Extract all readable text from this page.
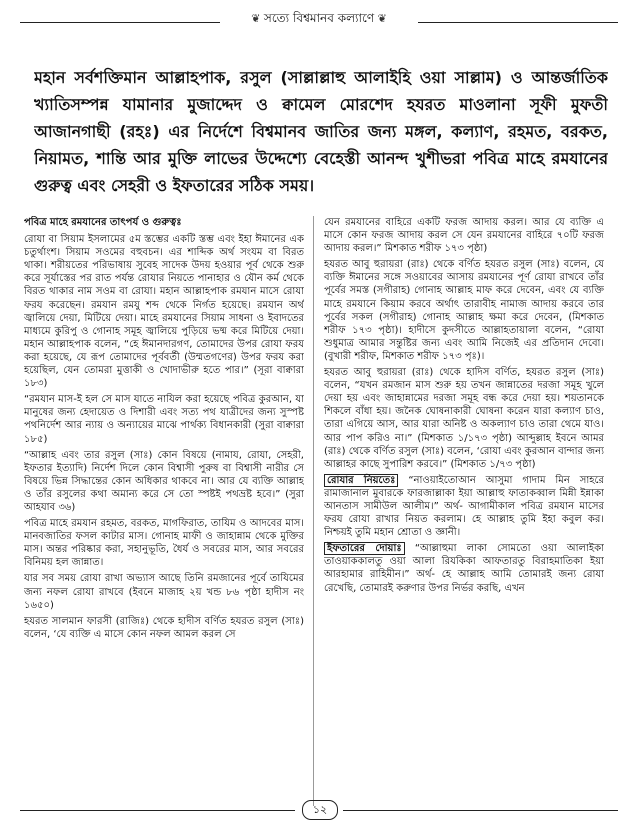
❦ সত্যে বিশ্বমানব কল্যাণে ❦

মহান সর্বশক্তিমান আল্লাহপাক, রসুল (সাল্লাল্লাহু আলাইহি ওয়া সাল্লাম) ও আন্তর্জাতিক খ্যাতিসম্পন্ন যামানার মুজাদ্দেদ ও ক্বামেল মোরশেদ হযরত মাওলানা সূফী মুফতী আজানগাছী (রহঃ) এর নির্দেশে বিশ্বমানব জাতির জন্য মঙ্গল, কল্যাণ, রহমত, বরকত, নিয়ামত, শান্তি আর মুক্তি লাভের উদ্দেশ্যে বেহেস্তী আনন্দ খুশীভরা পবিত্র মাহে রমযানের গুরুত্ব এবং সেহরী ও ইফতারের সঠিক সময়।

পবিত্র মাহে রমযানের তাৎপর্য ও গুরুত্বঃ

রোযা বা সিয়াম ইসলামের ৫ম স্তম্ভের একটি স্তম্ভ এবং ইহা ঈমানের এক চতুর্থাংশ। সিয়াম সওমের বহুবচন। এর শাব্দিক অর্থ সংযম বা বিরত থাকা। শরীয়তের পরিভাষায় সুবেহ সাদেক উদয় হওয়ার পূর্ব থেকে শুরু করে সূর্যাস্তের পর রাত পর্যন্ত রোযার নিয়তে পানাহার ও যৌন কর্ম থেকে বিরত থাকার নাম সওম বা রোযা। মহান আল্লাহপাক রমযান মাসে রোযা ফরয করেছেন। রমযান রমযু শব্দ থেকে নির্গত হয়েছে। রমযান অর্থ জ্বালিয়ে দেয়া, মিটিয়ে দেয়া। মাহে রমযানের সিয়াম সাধনা ও ইবাদতের মাধ্যমে কুরিপু ও গোনাহ সমূহ জ্বালিয়ে পুড়িয়ে ভষ্ম করে মিটিয়ে দেয়া। মহান আল্লাহপাক বলেন, “হে ঈমানদারগণ, তোমাদের উপর রোযা ফরয করা হয়েছে, যে রূপ তোমাদের পূর্ববর্তী (উম্মতগণের) উপর ফরয করা হয়েছিল, যেন তোমরা মুত্তাকী ও খোদাভীরু হতে পার।” (সূরা বাক্বারা ১৮৩)

“রমযান মাস-ই হল সে মাস যাতে নাযিল করা হয়েছে পবিত্র কুরআন, যা মানুষের জন্য হেদায়েত ও দিশারী এবং সত্য পথ যাত্রীদের জন্য সুস্পষ্ট পথনির্দেশ আর ন্যায় ও অন্যায়ের মাঝে পার্থক্য বিধানকারী (সুরা বাক্বারা ১৮৫)

“আল্লাহ এবং তার রসুল (সাঃ) কোন বিষয়ে (নামায, রোযা, সেহরী, ইফতার ইত্যাদি) নির্দেশ দিলে কোন বিশ্বাসী পুরুষ বা বিশ্বাসী নারীর সে বিষয়ে ভিন্ন সিদ্ধান্তের কোন অধিকার থাকবে না। আর যে ব্যক্তি আল্লাহ ও তাঁর রসুলের কথা অমান্য করে সে তো স্পষ্টই পথভ্রষ্ট হবে।” (সুরা আহযাব ৩৬)

পবিত্র মাহে রমযান রহমত, বরকত, মাগফিরাত, তাযিম ও আদবের মাস। মানবজাতির ফসল কাটার মাস। গোনাহ মাফী ও জাহান্নাম থেকে মুক্তির মাস। অন্তর পরিষ্কার করা, সহানুভূতি, ধৈর্য ও সবরের মাস, আর সবরের বিনিময় হল জান্নাত।

যার সব সময় রোযা রাখা অভ্যাস আছে তিনি রমজানের পূর্বে তাযিমের জন্য নফল রোযা রাখবে (ইবনে মাজাহ ২য় খন্ড ৮৬ পৃষ্ঠা হাদীস নং ১৬৫০)

হযরত সালমান ফারসী (রাজিঃ) থেকে হাদীস বর্ণিত হযরত রসুল (সাঃ) বলেন, ‘যে ব্যক্তি এ মাসে কোন নফল আমল করল সে

যেন রমযানের বাহিরে একটি ফরজ আদায় করল। আর যে ব্যক্তি এ মাসে কোন ফরজ আদায় করল সে যেন রমযানের বাহিরে ৭০টি ফরজ আদায় করল।” মিশকাত শরীফ ১৭৩ পৃষ্ঠা)

হযরত আবু হুরায়রা (রাঃ) থেকে বর্ণিত হযরত রসুল (সাঃ) বলেন, যে ব্যক্তি ঈমানের সঙ্গে সওয়াবের আসায় রমযানের পূর্ণ রোযা রাখবে তাঁর পূর্বের সমস্ত (সগীরাহ) গোনাহ আল্লাহ মাফ করে দেবেন, এবং যে ব্যক্তি মাহে রমযানে কিয়াম করবে অর্থাৎ তারাবীহ নামাজ আদায় করবে তার পূর্বের সকল (সগীরাহ) গোনাহ আল্লাহ ক্ষমা করে দেবেন, (মিশকাত শরীফ ১৭৩ পৃষ্ঠা)। হাদীসে কুদসীতে আল্লাহতায়ালা বলেন, “রোযা শুধুমাত্র আমার সন্তুষ্টির জন্য এবং আমি নিজেই এর প্রতিদান দেবো। (বুখারী শরীফ, মিশকাত শরীফ ১৭৩ পৃঃ)।

হযরত আবু হুরায়রা (রাঃ) থেকে হাদিস বর্ণিত, হযরত রসুল (সাঃ) বলেন, “যখন রমজান মাস শুরু হয় তখন জান্নাতের দরজা সমূহ খুলে দেয়া হয় এবং জাহান্নামের দরজা সমূহ বন্ধ করে দেয়া হয়। শয়তানকে শিকলে বাঁধা হয়। জনৈক ঘোষনাকারী ঘোষনা করেন যারা কল্যাণ চাও, তারা এগিয়ে আস, আর যারা অনিষ্ট ও অকল্যাণ চাও তারা থেমে যাও। আর পাপ করিও না।” (মিশকাত ১/১৭৩ পৃষ্ঠা) আব্দুল্লাহ ইবনে আমর (রাঃ) থেকে বর্ণিত রসুল (সাঃ) বলেন, ‘রোযা এবং কুরআন বান্দার জন্য আল্লাহর কাছে সুপারিশ করবে।” (মিশকাত ১/৭৩ পৃষ্ঠা)

রোযার নিয়তেঃ “নাওয়াইতোআন আসুমা গাদাম মিন সাহরে রামাজানাল মুবারকে ফারজাল্লাকা ইয়া আল্লাহু ফাতাকব্বাল মিন্নী ইন্নাকা আনতাস সামীউল আলীম।” অর্থ- আগামীকাল পবিত্র রমযান মাসের ফরয রোযা রাখার নিয়ত করলাম। হে আল্লাহ তুমি ইহা কবুল কর। নিশ্চয়ই তুমি মহান শ্রোতা ও জ্ঞানী।

ইফতারের দোয়াঃ “আল্লাহুমা লাকা সোমতো ওয়া আলাইকা তাওয়াককালতু ওয়া আলা রিযকিকা আফতারতু বিরাহমাতিকা ইয়া আরহামার রাহিমীন।” অর্থ- হে আল্লাহ আমি তোমারই জন্য রোযা রেখেছি, তোমারই করুণার উপর নির্ভর করছি, এখন

১২
